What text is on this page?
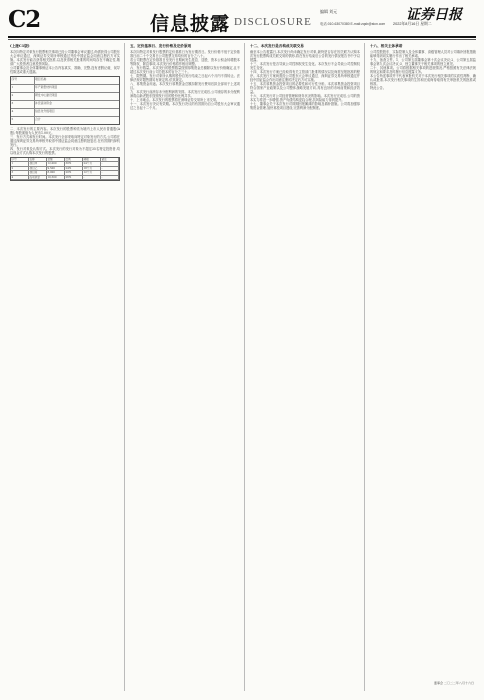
C2	信息披露 DISCLOSURE
编辑 刘元
电话:010-63070380 E-mail:zqsb@stcn.com
证券日报
2022年8月16日 星期二

(上接C1版)

本次向特定对象发行股票相关事项已经公司董事会审议通过,尚需获得公司股东大会审议通过、深圳证券交易所审核通过并经中国证监会同意注册后方可实施。本次发行能否获得相关批准,以及获得相关批准的时间均存在不确定性,敬请广大投资者注意投资风险。

公司董事会及全体董事保证本公告内容真实、准确、完整,没有虚假记载、误导性陈述或重大遗漏。

序号	项目名称
1	年产新型材料项目
2	研发中心建设项目
3	补充流动资金
4	信息化升级项目
5	合计

二、本次发行的主要内容。本次发行的股票种类为境内上市人民币普通股(A股),每股面值为人民币1.00元。

三、发行方式和发行时间。本次发行全部采取向特定对象发行的方式,公司将在通过深圳证券交易所审核并取得中国证监会同意注册的批复后,在有效期内择机发行。

四、发行对象及认购方式。本次发行的发行对象为不超过35名特定投资者,均以现金方式认购本次发行的股票。

序号	名称	金额	比例	期限	备注
1	项目甲	12,000	30%	24个月	-
2	项目乙	9,500	24%	18个月	-
3	项目丙	8,000	20%	12个月	-
4	流动资金	10,500	26%	-	-

五、定价基准日、发行价格及定价原则

本次向特定对象发行股票的定价基准日为发行期首日。发行价格不低于定价基准日前二十个交易日公司股票交易均价的百分之八十。

若公司股票在定价基准日至发行日期间发生派息、送股、资本公积金转增股本等除权、除息事项,本次发行价格将作相应调整。

六、发行数量。本次发行的股票数量按照募集资金总额除以发行价格确定,且不超过本次发行前公司总股本的百分之三十。

七、限售期。发行对象所认购的股份自发行结束之日起六个月内不得转让。法律法规对限售期另有规定的,依其规定。

八、募集资金用途。本次发行募集资金总额扣除发行费用后拟全部用于上述项目。

九、本次发行前滚存未分配利润的安排。本次发行完成后,公司滚存的未分配利润将由新老股东按照发行后的股份比例共享。

十、上市地点。本次发行的股票将在深圳证券交易所上市交易。

十一、本次发行决议有效期。本次发行决议的有效期为自公司股东大会审议通过之日起十二个月。

十二、本次发行是否构成关联交易

截至本公告披露日,本次发行尚未确定发行对象,最终是否存在因关联方认购本次发行股票构成关联交易的情形,将在发行结束后公告的发行情况报告书中予以披露。

十三、本次发行是否导致公司控制权发生变化。本次发行不会导致公司控制权发生变化。

十四、本次发行方案已经取得有关主管部门批准的情况以及尚需呈报批准的程序。本次发行方案尚需经公司股东大会审议通过、深圳证券交易所审核通过并经中国证监会作出同意注册的决定后方可实施。

十五、本次募集资金投资项目的必要性和可行性分析。本次募集资金投资项目符合国家产业政策以及公司整体战略发展方向,具有良好的市场前景和经济效益。

十六、本次发行对公司经营管理和财务状况的影响。本次发行完成后,公司的资本实力将进一步增强,资产负债结构更趋合理,抗风险能力得到提升。

十七、董事会关于本次发行对即期回报摊薄的影响及填补措施。公司将加强募集资金管理,加快募投项目建设,完善利润分配制度。

十八、相关主体承诺

公司控股股东、实际控制人及全体董事、高级管理人员对公司填补回报措施能够得到切实履行作出了相关承诺。

十九、备查文件。1、公司第五届董事会第十次会议决议;2、公司第五届监事会第九次会议决议;3、独立董事关于相关事项的独立意见。

二十、其他事项。公司将根据相关事项的进展情况,严格按照有关法律法规的规定和要求及时履行信息披露义务。

本公告所述事项并不代表审批机关对于本次发行相关事项的实质性判断、确认或批准,本次发行相关事项的生效和完成尚待取得有关审批机关的批准或核准。

特此公告。

董事会 二〇二二年八月十六日
